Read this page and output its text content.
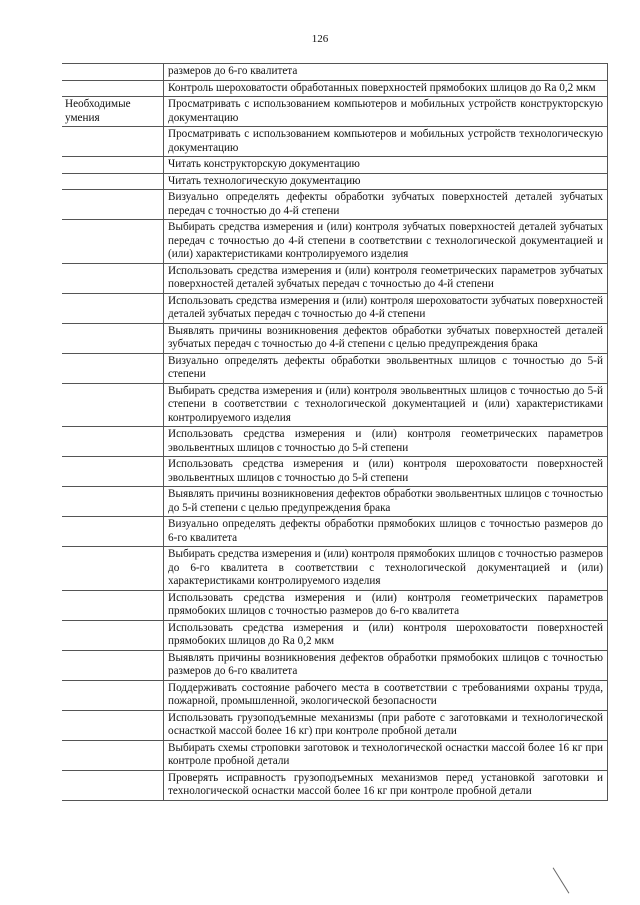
126
размеров до 6-го квалитета
Контроль шероховатости обработанных поверхностей прямобоких шлицов до Ra 0,2 мкм
Необходимые умения
Просматривать с использованием компьютеров и мобильных устройств конструкторскую документацию
Просматривать с использованием компьютеров и мобильных устройств технологическую документацию
Читать конструкторскую документацию
Читать технологическую документацию
Визуально определять дефекты обработки зубчатых поверхностей деталей зубчатых передач с точностью до 4-й степени
Выбирать средства измерения и (или) контроля зубчатых поверхностей деталей зубчатых передач с точностью до 4-й степени в соответствии с технологической документацией и (или) характеристиками контролируемого изделия
Использовать средства измерения и (или) контроля геометрических параметров зубчатых поверхностей деталей зубчатых передач с точностью до 4-й степени
Использовать средства измерения и (или) контроля шероховатости зубчатых поверхностей деталей зубчатых передач с точностью до 4-й степени
Выявлять причины возникновения дефектов обработки зубчатых поверхностей деталей зубчатых передач с точностью до 4-й степени с целью предупреждения брака
Визуально определять дефекты обработки эвольвентных шлицов с точностью до 5-й степени
Выбирать средства измерения и (или) контроля эвольвентных шлицов с точностью до 5-й степени в соответствии с технологической документацией и (или) характеристиками контролируемого изделия
Использовать средства измерения и (или) контроля геометрических параметров эвольвентных шлицов с точностью до 5-й степени
Использовать средства измерения и (или) контроля шероховатости поверхностей эвольвентных шлицов с точностью до 5-й степени
Выявлять причины возникновения дефектов обработки эвольвентных шлицов с точностью до 5-й степени с целью предупреждения брака
Визуально определять дефекты обработки прямобоких шлицов с точностью размеров до 6-го квалитета
Выбирать средства измерения и (или) контроля прямобоких шлицов с точностью размеров до 6-го квалитета в соответствии с технологической документацией и (или) характеристиками контролируемого изделия
Использовать средства измерения и (или) контроля геометрических параметров прямобоких шлицов с точностью размеров до 6-го квалитета
Использовать средства измерения и (или) контроля шероховатости поверхностей прямобоких шлицов до Ra 0,2 мкм
Выявлять причины возникновения дефектов обработки прямобоких шлицов с точностью размеров до 6-го квалитета
Поддерживать состояние рабочего места в соответствии с требованиями охраны труда, пожарной, промышленной, экологической безопасности
Использовать грузоподъемные механизмы (при работе с заготовками и технологической оснасткой массой более 16 кг) при контроле пробной детали
Выбирать схемы строповки заготовок и технологической оснастки массой более 16 кг при контроле пробной детали
Проверять исправность грузоподъемных механизмов перед установкой заготовки и технологической оснастки массой более 16 кг при контроле пробной детали
